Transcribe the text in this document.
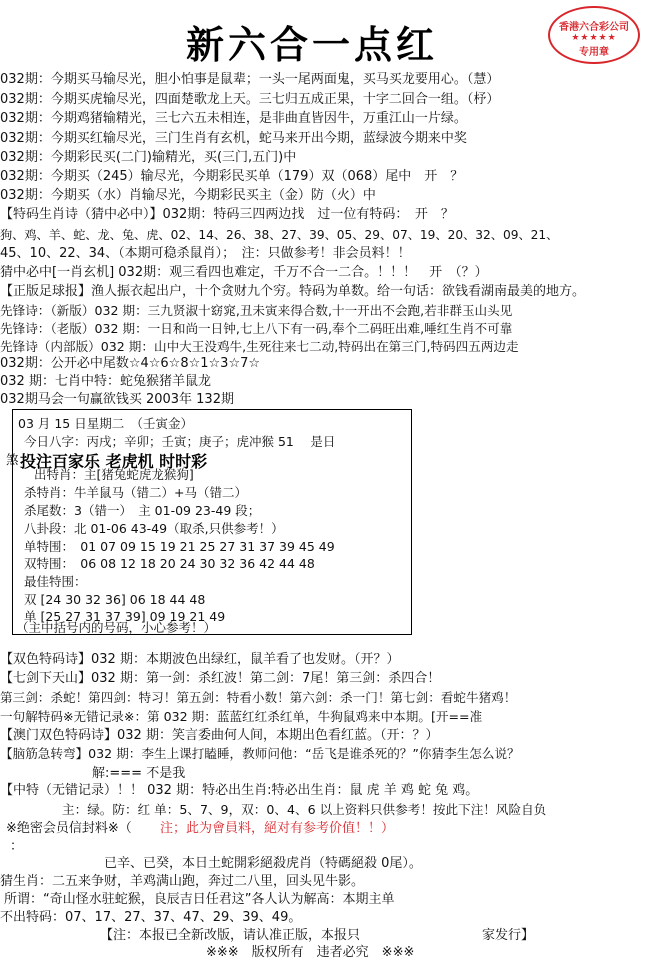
新六合一点红	香港六合彩公司
★★★★★
专用章
032期：今期买马输尽光，胆小怕事是鼠辈；一头一尾两面鬼，买马买龙要用心。（慧）
032期：今期买虎输尽光，四面楚歌龙上天。三七归五成正果，十字二回合一组。（杼）
032期：今期鸡猪输精光，三七六五未相连，是非曲直皆因牛，万重江山一片绿。
032期：今期买红输尽光，三门生肖有玄机，蛇马来开出今期，蓝绿波今期来中奖
032期：今期彩民买(二门)输精光，买(三门,五门)中
032期：今期买（245）输尽光，今期彩民买单（179）双（068）尾中　开　？
032期：今期买（水）肖输尽光，今期彩民买主（金）防（火）中
【特码生肖诗（猜中必中）】032期：特码三四两边找　过一位有特码：　开　？
狗、鸡、羊、蛇、龙、兔、虎、02、14、26、38、27、39、05、29、07、19、20、32、09、21、
45、10、22、34、（本期可稳杀鼠肖）；　注：只做参考！非会员料！！
猜中必中[一肖玄机] 032期：观三看四也难定，千万不合一二合。！！！　开　（？）
【正版足球报】渔人振衣起出户，十个贪财九个穷。特码为单数。给一句话：欲钱看湖南最美的地方。
先锋诗：（新版）032 期：三九贤淑十窈窕,丑未寅来得合数,十一开出不会跑,若非群玉山头见
先锋诗：（老版）032 期：一日和尚一日钟,七上八下有一码,奉个二码旺出难,唾红生肖不可靠
先锋诗（内部版）032 期：山中大王没鸡牛,生死往来七二动,特码出在第三门,特码四五两边走
032期：公开必中尾数☆4☆6☆8☆1☆3☆7☆
032 期：七肖中特：蛇兔猴猪羊鼠龙
032期马会一句赢欲钱买 2003年 132期
03 月 15 日星期二　（壬寅金）
今日八字：丙戌；辛卯；壬寅；庚子；虎冲猴 51　 是日
煞
出特肖：主[猪兔蛇虎龙猴狗]
投注百家乐 老虎机 时时彩
杀特肖：牛羊鼠马（错二）+马（错二）
杀尾数：3（错一）　主 01-09 23-49 段；
八卦段：北 01-06 43-49（取杀,只供参考！）
单特围：　01 07 09 15 19 21 25 27 31 37 39 45 49
双特围：　06 08 12 18 20 24 30 32 36 42 44 48
最佳特围：
双 [24 30 32 36] 06 18 44 48
单 [25 27 31 37 39] 09 19 21 49
（主中括号内的号码，小心参考！）
【双色特码诗】032 期：本期波色出绿红，鼠羊看了也发财。（开？）
【七剑下天山】032 期：第一剑：杀红波！第二剑：7尾！第三剑：杀四合！
第三剑：杀蛇！第四剑：特习！第五剑：特看小数！第六剑：杀一门！第七剑：看蛇牛猪鸡！
一句解特码※无错记录※：第 032 期：蓝蓝红红杀红单，牛狗鼠鸡来中本期。[开==准
【澳门双色特码诗】032 期：笑言委曲何人间，本期出色看红蓝。（开：？）
【脑筋急转弯】032 期：李生上课打瞌睡，教师问他：“岳飞是谁杀死的？”你猜李生怎么说？
解:=== 不是我
【中特（无错记录）！！ 032 期：特必出生肖:特必出生肖：鼠 虎 羊 鸡 蛇 兔 鸡。
主：绿。防：红 单：5、7、9，双：0、4、6 以上资料只供参考！按此下注！风险自负
※绝密会员信封料※（ 注；此为會員料，絕对有参考价值！！）
：
已辛、已癸，本日土蛇開彩絕殺虎肖（特碼絕殺 0尾）。
猜生肖：二五来争财，羊鸡满山跑，奔过二八里，回头见牛影。
所谓：“奇山怪水驻蛇猴，良辰吉日任君这”各人认为解高：本期主单
不出特码：07、17、27、37、47、29、39、49。
【注：本报已全新改版，请认准正版，本报只	家发行】
※※※　版权所有　违者必究　※※※
